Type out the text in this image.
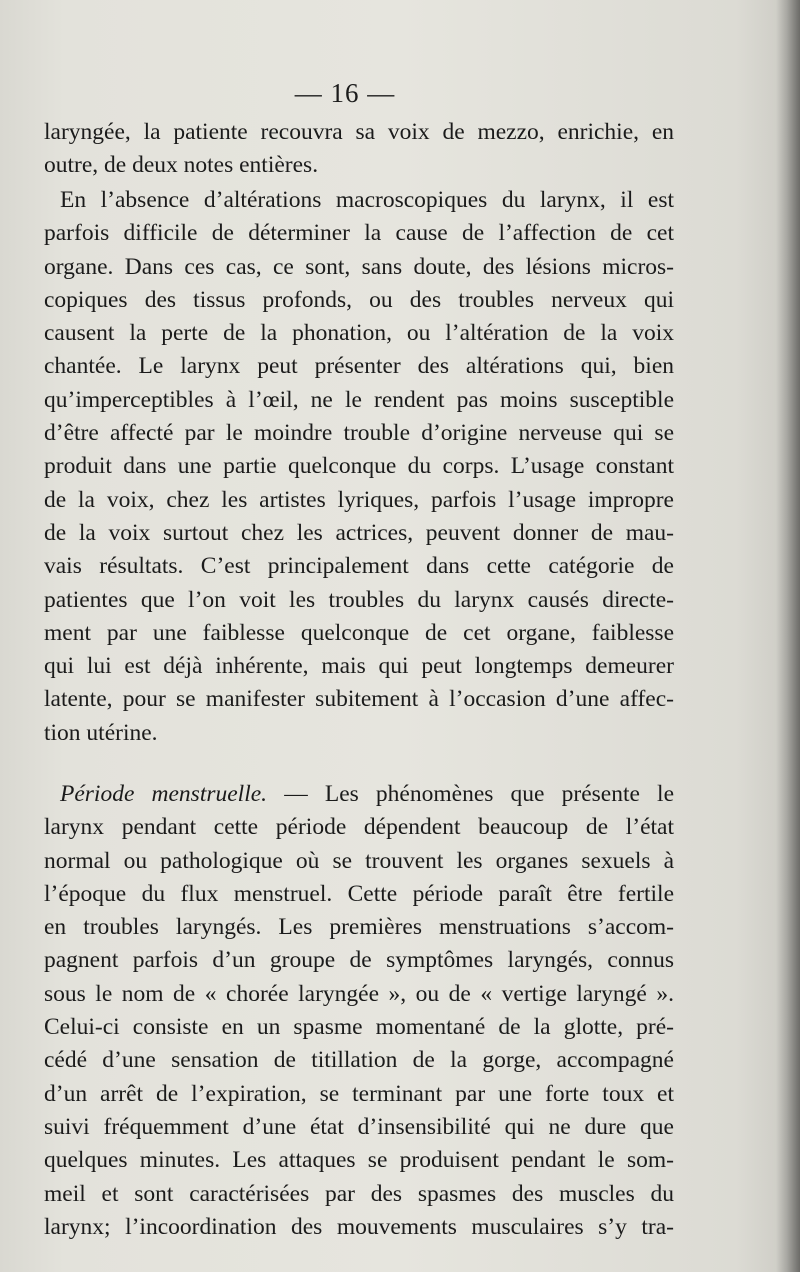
— 16 —
laryngée, la patiente recouvra sa voix de mezzo, enrichie, en
outre, de deux notes entières.
En l’absence d’altérations macroscopiques du larynx, il est
parfois difficile de déterminer la cause de l’affection de cet
organe. Dans ces cas, ce sont, sans doute, des lésions micros-
copiques des tissus profonds, ou des troubles nerveux qui
causent la perte de la phonation, ou l’altération de la voix
chantée. Le larynx peut présenter des altérations qui, bien
qu’imperceptibles à l’œil, ne le rendent pas moins susceptible
d’être affecté par le moindre trouble d’origine nerveuse qui se
produit dans une partie quelconque du corps. L’usage constant
de la voix, chez les artistes lyriques, parfois l’usage impropre
de la voix surtout chez les actrices, peuvent donner de mau-
vais résultats. C’est principalement dans cette catégorie de
patientes que l’on voit les troubles du larynx causés directe-
ment par une faiblesse quelconque de cet organe, faiblesse
qui lui est déjà inhérente, mais qui peut longtemps demeurer
latente, pour se manifester subitement à l’occasion d’une affec-
tion utérine.
Période menstruelle. — Les phénomènes que présente le
larynx pendant cette période dépendent beaucoup de l’état
normal ou pathologique où se trouvent les organes sexuels à
l’époque du flux menstruel. Cette période paraît être fertile
en troubles laryngés. Les premières menstruations s’accom-
pagnent parfois d’un groupe de symptômes laryngés, connus
sous le nom de « chorée laryngée », ou de « vertige laryngé ».
Celui-ci consiste en un spasme momentané de la glotte, pré-
cédé d’une sensation de titillation de la gorge, accompagné
d’un arrêt de l’expiration, se terminant par une forte toux et
suivi fréquemment d’une état d’insensibilité qui ne dure que
quelques minutes. Les attaques se produisent pendant le som-
meil et sont caractérisées par des spasmes des muscles du
larynx; l’incoordination des mouvements musculaires s’y tra-
